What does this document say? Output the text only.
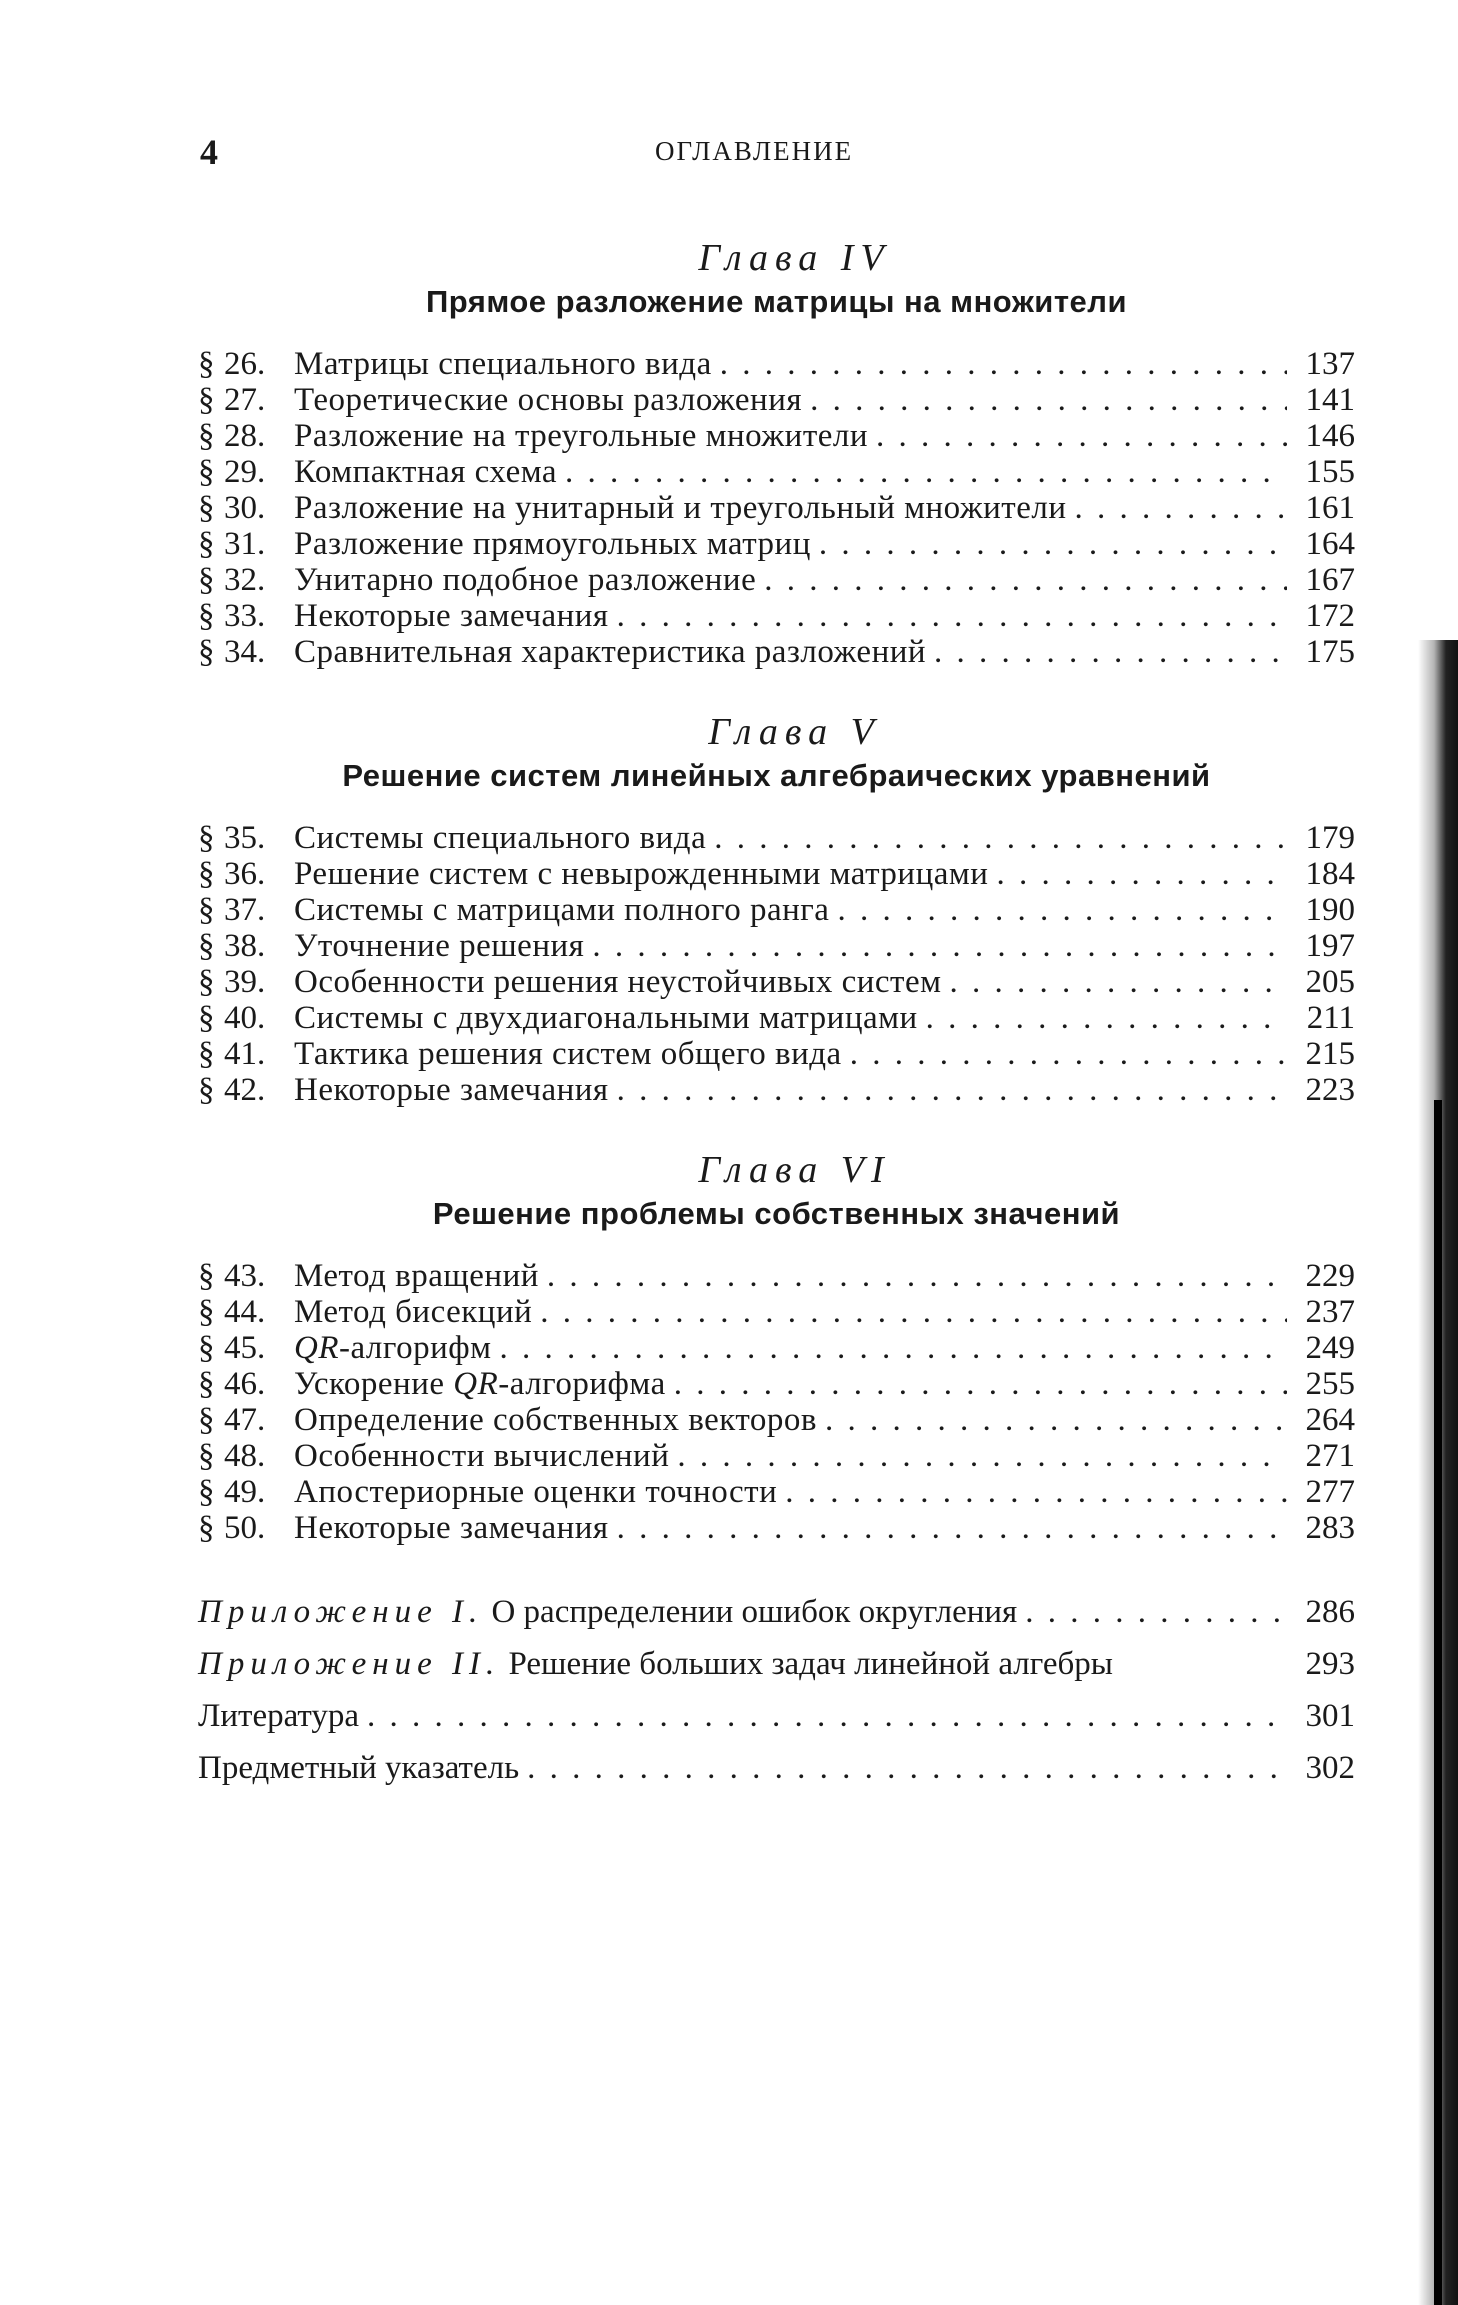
4	ОГЛАВЛЕНИЕ
Глава IV
Прямое разложение матрицы на множители
§ 26. Матрицы специального вида . . .	137
§ 27. Теоретические основы разложения . . .	141
§ 28. Разложение на треугольные множители . . .	146
§ 29. Компактная схема . . .	155
§ 30. Разложение на унитарный и треугольный множители . . .	161
§ 31. Разложение прямоугольных матриц . . .	164
§ 32. Унитарно подобное разложение . . .	167
§ 33. Некоторые замечания . . .	172
§ 34. Сравнительная характеристика разложений . . .	175
Глава V
Решение систем линейных алгебраических уравнений
§ 35. Системы специального вида . . .	179
§ 36. Решение систем с невырожденными матрицами . . .	184
§ 37. Системы с матрицами полного ранга . . .	190
§ 38. Уточнение решения . . .	197
§ 39. Особенности решения неустойчивых систем . . .	205
§ 40. Системы с двухдиагональными матрицами . . .	211
§ 41. Тактика решения систем общего вида . . .	215
§ 42. Некоторые замечания . . .	223
Глава VI
Решение проблемы собственных значений
§ 43. Метод вращений . . .	229
§ 44. Метод бисекций . . .	237
§ 45. QR-алгорифм . . .	249
§ 46. Ускорение QR-алгорифма . . .	255
§ 47. Определение собственных векторов . . .	264
§ 48. Особенности вычислений . . .	271
§ 49. Апостериорные оценки точности . . .	277
§ 50. Некоторые замечания . . .	283
Приложение I. О распределении ошибок округления . . .	286
Приложение II. Решение больших задач линейной алгебры	293
Литература . . .	301
Предметный указатель . . .	302
